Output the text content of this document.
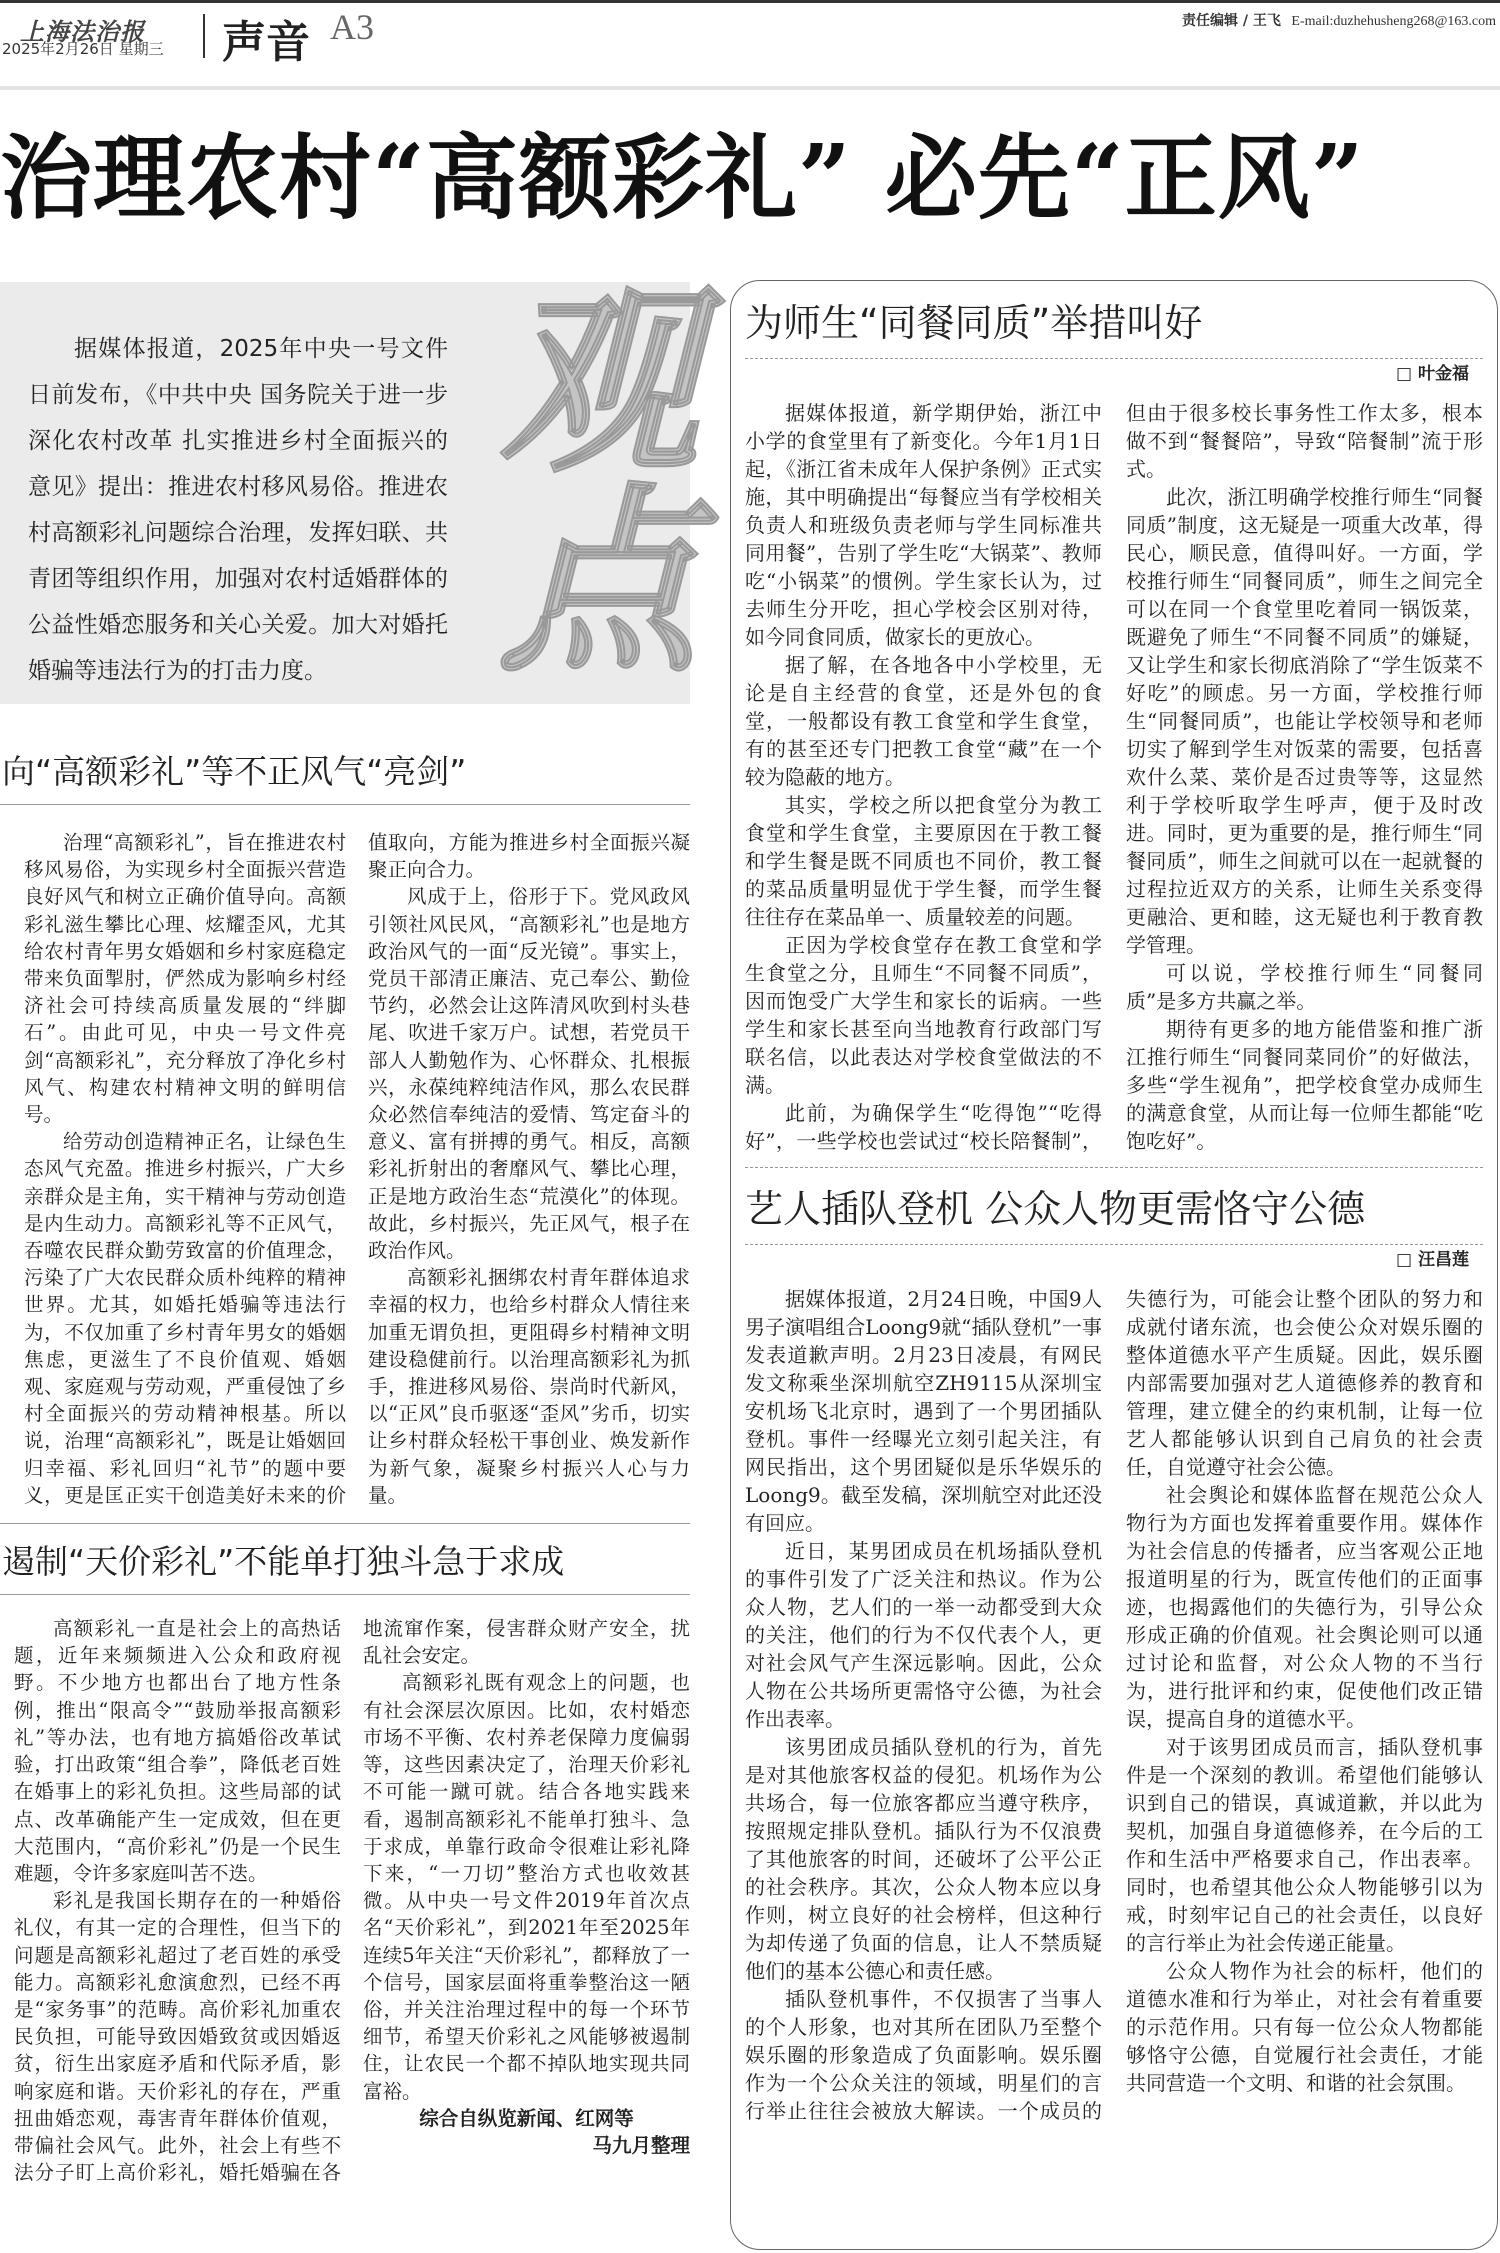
上海法治报
2025年2月26日 星期三 声音 A3	责任编辑 / 王飞 E-mail:duzhehusheng268@163.com
治理农村“高额彩礼” 必先“正风”
观点
据媒体报道，2025年中央一号文件日前发布，《中共中央 国务院关于进一步深化农村改革 扎实推进乡村全面振兴的意见》提出：推进农村移风易俗。推进农村高额彩礼问题综合治理，发挥妇联、共青团等组织作用，加强对农村适婚群体的公益性婚恋服务和关心关爱。加大对婚托婚骗等违法行为的打击力度。
向“高额彩礼”等不正风气“亮剑”

治理“高额彩礼”，旨在推进农村移风易俗，为实现乡村全面振兴营造良好风气和树立正确价值导向。高额彩礼滋生攀比心理、炫耀歪风，尤其给农村青年男女婚姻和乡村家庭稳定带来负面掣肘，俨然成为影响乡村经济社会可持续高质量发展的“绊脚石”。由此可见，中央一号文件亮剑“高额彩礼”，充分释放了净化乡村风气、构建农村精神文明的鲜明信号。

给劳动创造精神正名，让绿色生态风气充盈。推进乡村振兴，广大乡亲群众是主角，实干精神与劳动创造是内生动力。高额彩礼等不正风气，吞噬农民群众勤劳致富的价值理念，污染了广大农民群众质朴纯粹的精神世界。尤其，如婚托婚骗等违法行为，不仅加重了乡村青年男女的婚姻焦虑，更滋生了不良价值观、婚姻观、家庭观与劳动观，严重侵蚀了乡村全面振兴的劳动精神根基。所以说，治理“高额彩礼”，既是让婚姻回归幸福、彩礼回归“礼节”的题中要义，更是匡正实干创造美好未来的价值取向，方能为推进乡村全面振兴凝聚正向合力。

风成于上，俗形于下。党风政风引领社风民风，“高额彩礼”也是地方政治风气的一面“反光镜”。事实上，党员干部清正廉洁、克己奉公、勤俭节约，必然会让这阵清风吹到村头巷尾、吹进千家万户。试想，若党员干部人人勤勉作为、心怀群众、扎根振兴，永葆纯粹纯洁作风，那么农民群众必然信奉纯洁的爱情、笃定奋斗的意义、富有拼搏的勇气。相反，高额彩礼折射出的奢靡风气、攀比心理，正是地方政治生态“荒漠化”的体现。故此，乡村振兴，先正风气，根子在政治作风。

高额彩礼捆绑农村青年群体追求幸福的权力，也给乡村群众人情往来加重无谓负担，更阻碍乡村精神文明建设稳健前行。以治理高额彩礼为抓手，推进移风易俗、崇尚时代新风，以“正风”良币驱逐“歪风”劣币，切实让乡村群众轻松干事创业、焕发新作为新气象，凝聚乡村振兴人心与力量。

遏制“天价彩礼”不能单打独斗急于求成

高额彩礼一直是社会上的高热话题，近年来频频进入公众和政府视野。不少地方也都出台了地方性条例，推出“限高令”“鼓励举报高额彩礼”等办法，也有地方搞婚俗改革试验，打出政策“组合拳”，降低老百姓在婚事上的彩礼负担。这些局部的试点、改革确能产生一定成效，但在更大范围内，“高价彩礼”仍是一个民生难题，令许多家庭叫苦不迭。

彩礼是我国长期存在的一种婚俗礼仪，有其一定的合理性，但当下的问题是高额彩礼超过了老百姓的承受能力。高额彩礼愈演愈烈，已经不再是“家务事”的范畴。高价彩礼加重农民负担，可能导致因婚致贫或因婚返贫，衍生出家庭矛盾和代际矛盾，影响家庭和谐。天价彩礼的存在，严重扭曲婚恋观，毒害青年群体价值观，带偏社会风气。此外，社会上有些不法分子盯上高价彩礼，婚托婚骗在各地流窜作案，侵害群众财产安全，扰乱社会安定。

高额彩礼既有观念上的问题，也有社会深层次原因。比如，农村婚恋市场不平衡、农村养老保障力度偏弱等，这些因素决定了，治理天价彩礼不可能一蹴可就。结合各地实践来看，遏制高额彩礼不能单打独斗、急于求成，单靠行政命令很难让彩礼降下来，“一刀切”整治方式也收效甚微。从中央一号文件2019年首次点名“天价彩礼”，到2021年至2025年连续5年关注“天价彩礼”，都释放了一个信号，国家层面将重拳整治这一陋俗，并关注治理过程中的每一个环节细节，希望天价彩礼之风能够被遏制住，让农民一个都不掉队地实现共同富裕。

综合自纵览新闻、红网等

马九月整理

为师生“同餐同质”举措叫好
□ 叶金福

据媒体报道，新学期伊始，浙江中小学的食堂里有了新变化。今年1月1日起，《浙江省未成年人保护条例》正式实施，其中明确提出“每餐应当有学校相关负责人和班级负责老师与学生同标准共同用餐”，告别了学生吃“大锅菜”、教师吃“小锅菜”的惯例。学生家长认为，过去师生分开吃，担心学校会区别对待，如今同食同质，做家长的更放心。

据了解，在各地各中小学校里，无论是自主经营的食堂，还是外包的食堂，一般都设有教工食堂和学生食堂，有的甚至还专门把教工食堂“藏”在一个较为隐蔽的地方。

其实，学校之所以把食堂分为教工食堂和学生食堂，主要原因在于教工餐和学生餐是既不同质也不同价，教工餐的菜品质量明显优于学生餐，而学生餐往往存在菜品单一、质量较差的问题。

正因为学校食堂存在教工食堂和学生食堂之分，且师生“不同餐不同质”，因而饱受广大学生和家长的诟病。一些学生和家长甚至向当地教育行政部门写联名信，以此表达对学校食堂做法的不满。

此前，为确保学生“吃得饱”“吃得好”，一些学校也尝试过“校长陪餐制”，但由于很多校长事务性工作太多，根本做不到“餐餐陪”，导致“陪餐制”流于形式。

此次，浙江明确学校推行师生“同餐同质”制度，这无疑是一项重大改革，得民心，顺民意，值得叫好。一方面，学校推行师生“同餐同质”，师生之间完全可以在同一个食堂里吃着同一锅饭菜，既避免了师生“不同餐不同质”的嫌疑，又让学生和家长彻底消除了“学生饭菜不好吃”的顾虑。另一方面，学校推行师生“同餐同质”，也能让学校领导和老师切实了解到学生对饭菜的需要，包括喜欢什么菜、菜价是否过贵等等，这显然利于学校听取学生呼声，便于及时改进。同时，更为重要的是，推行师生“同餐同质”，师生之间就可以在一起就餐的过程拉近双方的关系，让师生关系变得更融洽、更和睦，这无疑也利于教育教学管理。

可以说，学校推行师生“同餐同质”是多方共赢之举。

期待有更多的地方能借鉴和推广浙江推行师生“同餐同菜同价”的好做法，多些“学生视角”，把学校食堂办成师生的满意食堂，从而让每一位师生都能“吃饱吃好”。

艺人插队登机 公众人物更需恪守公德
□ 汪昌莲

据媒体报道，2月24日晚，中国9人男子演唱组合Loong9就“插队登机”一事发表道歉声明。2月23日凌晨，有网民发文称乘坐深圳航空ZH9115从深圳宝安机场飞北京时，遇到了一个男团插队登机。事件一经曝光立刻引起关注，有网民指出，这个男团疑似是乐华娱乐的Loong9。截至发稿，深圳航空对此还没有回应。

近日，某男团成员在机场插队登机的事件引发了广泛关注和热议。作为公众人物，艺人们的一举一动都受到大众的关注，他们的行为不仅代表个人，更对社会风气产生深远影响。因此，公众人物在公共场所更需恪守公德，为社会作出表率。

该男团成员插队登机的行为，首先是对其他旅客权益的侵犯。机场作为公共场合，每一位旅客都应当遵守秩序，按照规定排队登机。插队行为不仅浪费了其他旅客的时间，还破坏了公平公正的社会秩序。其次，公众人物本应以身作则，树立良好的社会榜样，但这种行为却传递了负面的信息，让人不禁质疑他们的基本公德心和责任感。

插队登机事件，不仅损害了当事人的个人形象，也对其所在团队乃至整个娱乐圈的形象造成了负面影响。娱乐圈作为一个公众关注的领域，明星们的言行举止往往会被放大解读。一个成员的失德行为，可能会让整个团队的努力和成就付诸东流，也会使公众对娱乐圈的整体道德水平产生质疑。因此，娱乐圈内部需要加强对艺人道德修养的教育和管理，建立健全的约束机制，让每一位艺人都能够认识到自己肩负的社会责任，自觉遵守社会公德。

社会舆论和媒体监督在规范公众人物行为方面也发挥着重要作用。媒体作为社会信息的传播者，应当客观公正地报道明星的行为，既宣传他们的正面事迹，也揭露他们的失德行为，引导公众形成正确的价值观。社会舆论则可以通过讨论和监督，对公众人物的不当行为，进行批评和约束，促使他们改正错误，提高自身的道德水平。

对于该男团成员而言，插队登机事件是一个深刻的教训。希望他们能够认识到自己的错误，真诚道歉，并以此为契机，加强自身道德修养，在今后的工作和生活中严格要求自己，作出表率。同时，也希望其他公众人物能够引以为戒，时刻牢记自己的社会责任，以良好的言行举止为社会传递正能量。

公众人物作为社会的标杆，他们的道德水准和行为举止，对社会有着重要的示范作用。只有每一位公众人物都能够恪守公德，自觉履行社会责任，才能共同营造一个文明、和谐的社会氛围。
